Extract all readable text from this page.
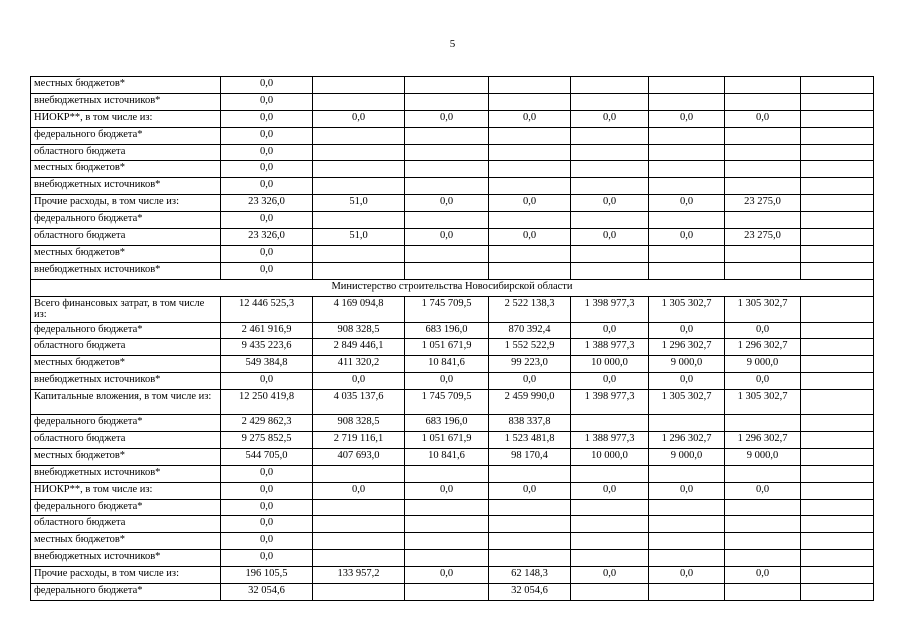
5
местных бюджетов*	0,0							
внебюджетных источников*	0,0							
НИОКР**, в том числе из:	0,0	0,0	0,0	0,0	0,0	0,0	0,0	
федерального бюджета*	0,0							
областного бюджета	0,0							
местных бюджетов*	0,0							
внебюджетных источников*	0,0							
Прочие расходы, в том числе из:	23 326,0	51,0	0,0	0,0	0,0	0,0	23 275,0	
федерального бюджета*	0,0							
областного бюджета	23 326,0	51,0	0,0	0,0	0,0	0,0	23 275,0	
местных бюджетов*	0,0							
внебюджетных источников*	0,0							
Министерство строительства Новосибирской области								
Всего финансовых затрат, в том числе из:	12 446 525,3	4 169 094,8	1 745 709,5	2 522 138,3	1 398 977,3	1 305 302,7	1 305 302,7	
федерального бюджета*	2 461 916,9	908 328,5	683 196,0	870 392,4	0,0	0,0	0,0	
областного бюджета	9 435 223,6	2 849 446,1	1 051 671,9	1 552 522,9	1 388 977,3	1 296 302,7	1 296 302,7	
местных бюджетов*	549 384,8	411 320,2	10 841,6	99 223,0	10 000,0	9 000,0	9 000,0	
внебюджетных источников*	0,0	0,0	0,0	0,0	0,0	0,0	0,0	
Капитальные вложения, в том числе из:	12 250 419,8	4 035 137,6	1 745 709,5	2 459 990,0	1 398 977,3	1 305 302,7	1 305 302,7	
федерального бюджета*	2 429 862,3	908 328,5	683 196,0	838 337,8				
областного бюджета	9 275 852,5	2 719 116,1	1 051 671,9	1 523 481,8	1 388 977,3	1 296 302,7	1 296 302,7	
местных бюджетов*	544 705,0	407 693,0	10 841,6	98 170,4	10 000,0	9 000,0	9 000,0	
внебюджетных источников*	0,0							
НИОКР**, в том числе из:	0,0	0,0	0,0	0,0	0,0	0,0	0,0	
федерального бюджета*	0,0							
областного бюджета	0,0							
местных бюджетов*	0,0							
внебюджетных источников*	0,0							
Прочие расходы, в том числе из:	196 105,5	133 957,2	0,0	62 148,3	0,0	0,0	0,0	
федерального бюджета*	32 054,6			32 054,6				
